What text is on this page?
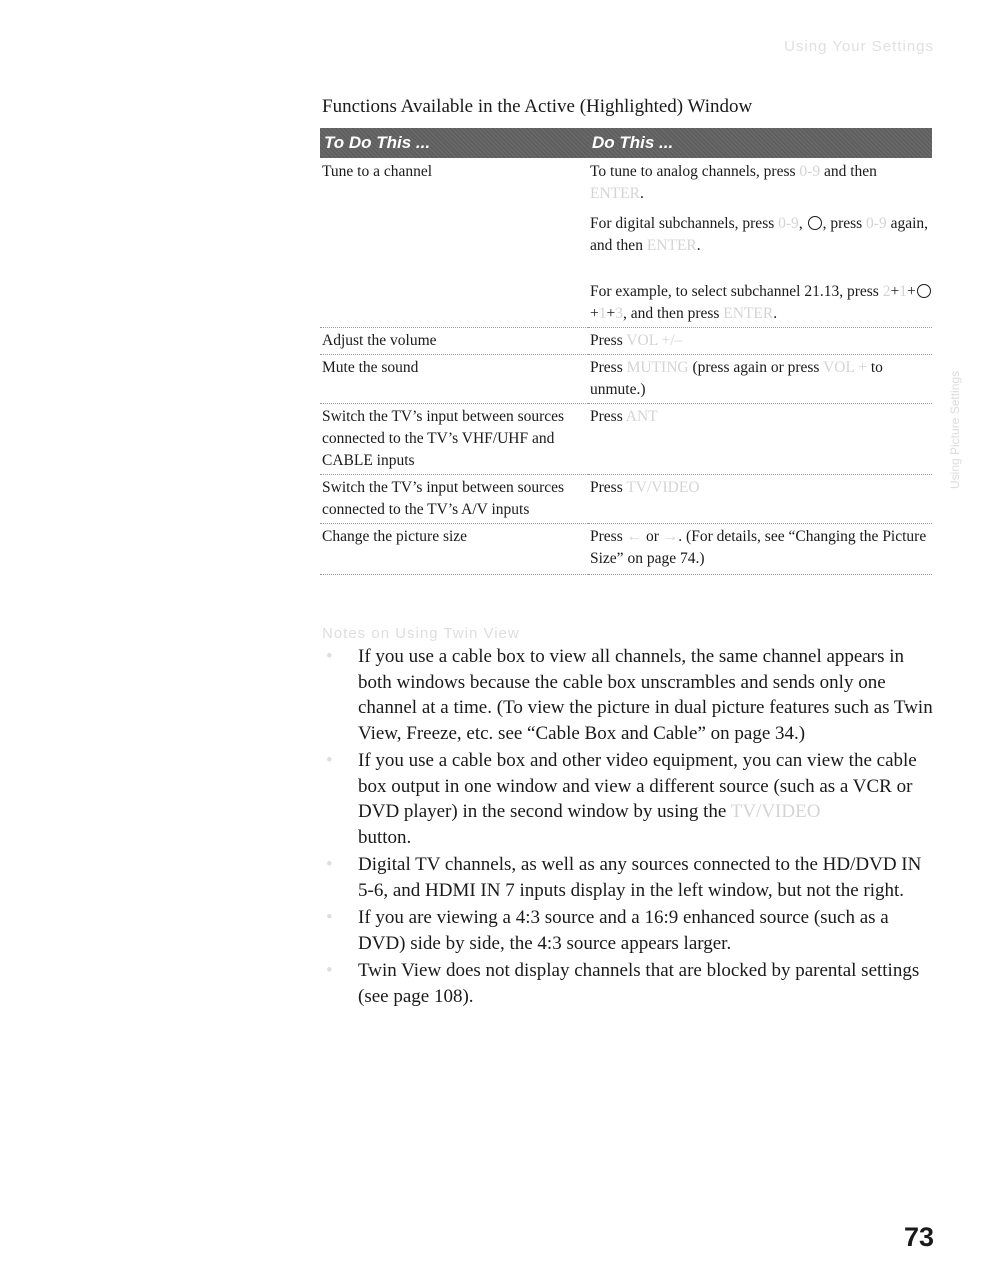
Using Your Settings
Using Picture Settings
Functions Available in the Active (Highlighted) Window
To Do This ...	Do This ...
Tune to a channel	To tune to analog channels, press 0-9 and then ENTER.

For digital subchannels, press 0-9, , press 0-9 again, and then ENTER.

For example, to select subchannel 21.13, press 2+1++1+3, and then press ENTER.

Adjust the volume	Press VOL +/–
Mute the sound	Press MUTING (press again or press VOL + to unmute.)
Switch the TV’s input between sources connected to the TV’s VHF/UHF and CABLE inputs	Press ANT
Switch the TV’s input between sources connected to the TV’s A/V inputs	Press TV/VIDEO
Change the picture size	Press ← or →. (For details, see “Changing the Picture Size” on page 74.)
Notes on Using Twin View
• If you use a cable box to view all channels, the same channel appears in both windows because the cable box unscrambles and sends only one channel at a time. (To view the picture in dual picture features such as Twin View, Freeze, etc. see “Cable Box and Cable” on page 34.)
• If you use a cable box and other video equipment, you can view the cable box output in one window and view a different source (such as a VCR or DVD player) in the second window by using the TV/VIDEO
button.
• Digital TV channels, as well as any sources connected to the HD/DVD IN 5-6, and HDMI IN 7 inputs display in the left window, but not the right.
• If you are viewing a 4:3 source and a 16:9 enhanced source (such as a DVD) side by side, the 4:3 source appears larger.
• Twin View does not display channels that are blocked by parental settings (see page 108).
73
